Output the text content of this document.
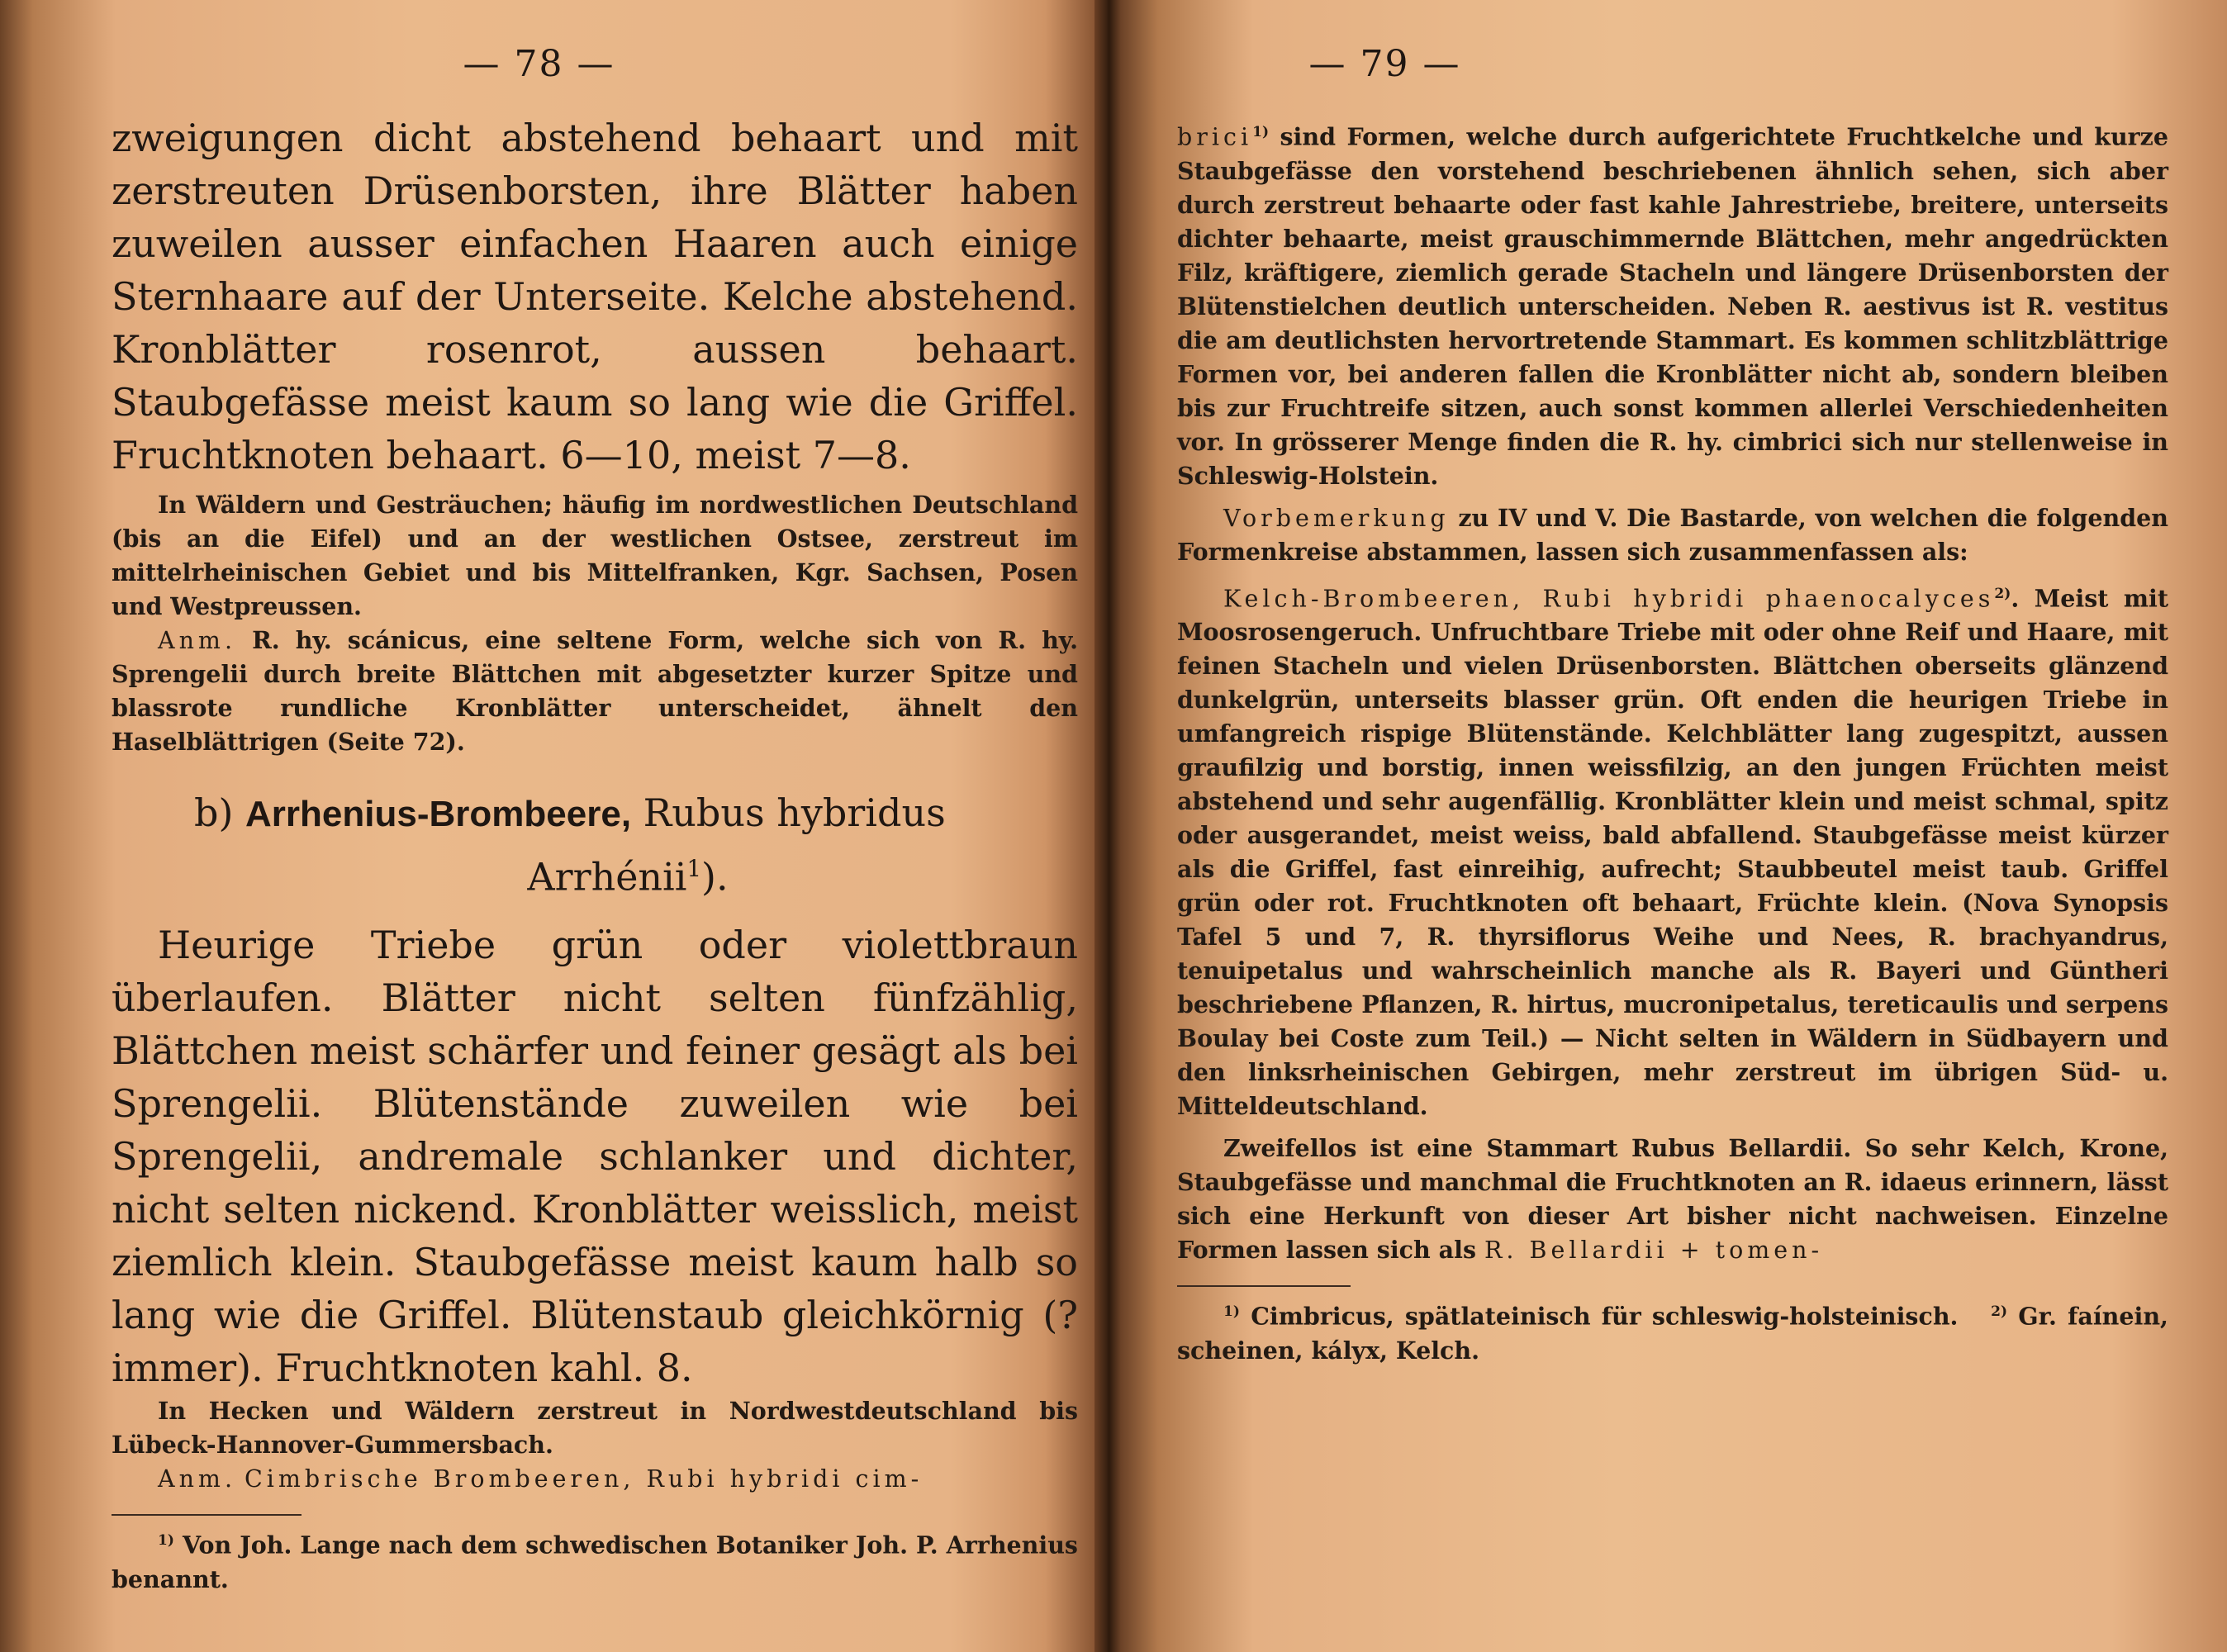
— 78 —

zweigungen dicht abstehend behaart und mit zerstreuten Drüsenborsten, ihre Blätter haben zuweilen ausser einfachen Haaren auch einige Sternhaare auf der Unterseite. Kelche abstehend. Kronblätter rosenrot, aussen behaart. Staubgefässe meist kaum so lang wie die Griffel. Fruchtknoten behaart. 6—10, meist 7—8.

In Wäldern und Gesträuchen; häufig im nordwestlichen Deutschland (bis an die Eifel) und an der westlichen Ostsee, zerstreut im mittelrheinischen Gebiet und bis Mittelfranken, Kgr. Sachsen, Posen und Westpreussen.

Anm. R. hy. scánicus, eine seltene Form, welche sich von R. hy. Sprengelii durch breite Blättchen mit abgesetzter kurzer Spitze und blassrote rundliche Kronblätter unterscheidet, ähnelt den Haselblättrigen (Seite 72).

b) Arrhenius-Brombeere, Rubus hybridus
Arrhénii$^1$).

Heurige Triebe grün oder violettbraun überlaufen. Blätter nicht selten fünfzählig, Blättchen meist schärfer und feiner gesägt als bei Sprengelii. Blütenstände zuweilen wie bei Sprengelii, andremale schlanker und dichter, nicht selten nickend. Kronblätter weisslich, meist ziemlich klein. Staubgefässe meist kaum halb so lang wie die Griffel. Blütenstaub gleichkörnig (? immer). Fruchtknoten kahl. 8.

In Hecken und Wäldern zerstreut in Nordwestdeutschland bis Lübeck-Hannover-Gummersbach.

Anm. Cimbrische Brombeeren, Rubi hybridi cim-

$^{1)}$ Von Joh. Lange nach dem schwedischen Botaniker Joh. P. Arrhenius benannt.

— 79 —

brici$^{1)}$ sind Formen, welche durch aufgerichtete Fruchtkelche und kurze Staubgefässe den vorstehend beschriebenen ähnlich sehen, sich aber durch zerstreut behaarte oder fast kahle Jahrestriebe, breitere, unterseits dichter behaarte, meist grauschimmernde Blättchen, mehr angedrückten Filz, kräftigere, ziemlich gerade Stacheln und längere Drüsenborsten der Blütenstielchen deutlich unterscheiden. Neben R. aestivus ist R. vestitus die am deutlichsten hervortretende Stammart. Es kommen schlitzblättrige Formen vor, bei anderen fallen die Kronblätter nicht ab, sondern bleiben bis zur Fruchtreife sitzen, auch sonst kommen allerlei Verschiedenheiten vor. In grösserer Menge finden die R. hy. cimbrici sich nur stellenweise in Schleswig-Holstein.

Vorbemerkung zu IV und V. Die Bastarde, von welchen die folgenden Formenkreise abstammen, lassen sich zusammenfassen als:

Kelch-Brombeeren, Rubi hybridi phaenocalyces$^{2)}$. Meist mit Moosrosengeruch. Unfruchtbare Triebe mit oder ohne Reif und Haare, mit feinen Stacheln und vielen Drüsenborsten. Blättchen oberseits glänzend dunkelgrün, unterseits blasser grün. Oft enden die heurigen Triebe in umfangreich rispige Blütenstände. Kelchblätter lang zugespitzt, aussen graufilzig und borstig, innen weissfilzig, an den jungen Früchten meist abstehend und sehr augenfällig. Kronblätter klein und meist schmal, spitz oder ausgerandet, meist weiss, bald abfallend. Staubgefässe meist kürzer als die Griffel, fast einreihig, aufrecht; Staubbeutel meist taub. Griffel grün oder rot. Fruchtknoten oft behaart, Früchte klein. (Nova Synopsis Tafel 5 und 7, R. thyrsiflorus Weihe und Nees, R. brachyandrus, tenuipetalus und wahrscheinlich manche als R. Bayeri und Güntheri beschriebene Pflanzen, R. hirtus, mucronipetalus, tereticaulis und serpens Boulay bei Coste zum Teil.) — Nicht selten in Wäldern in Südbayern und den linksrheinischen Gebirgen, mehr zerstreut im übrigen Süd- u. Mitteldeutschland.

Zweifellos ist eine Stammart Rubus Bellardii. So sehr Kelch, Krone, Staubgefässe und manchmal die Fruchtknoten an R. idaeus erinnern, lässt sich eine Herkunft von dieser Art bisher nicht nachweisen. Einzelne Formen lassen sich als R. Bellardii + tomen-

$^{1)}$ Cimbricus, spätlateinisch für schleswig-holsteinisch. $^{2)}$ Gr. faínein, scheinen, kályx, Kelch.
